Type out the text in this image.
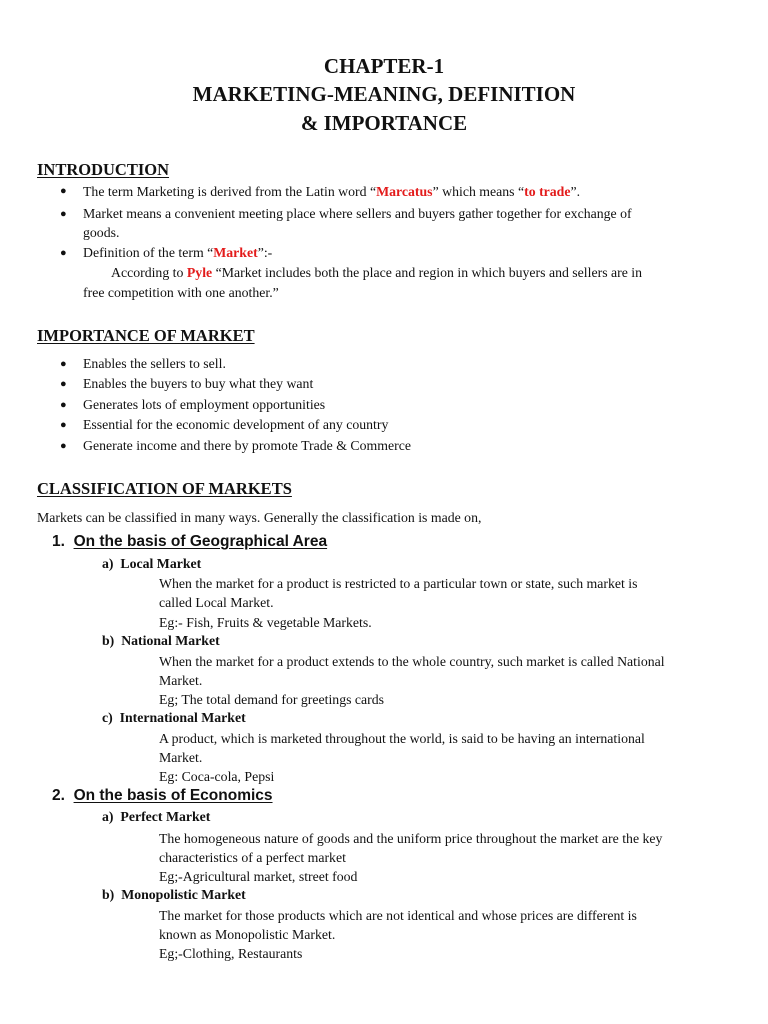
CHAPTER-1
MARKETING-MEANING, DEFINITION
& IMPORTANCE
INTRODUCTION
● The term Marketing is derived from the Latin word “Marcatus” which means “to trade”.
● Market means a convenient meeting place where sellers and buyers gather together for exchange of
goods.
● Definition of the term “Market”:-
According to Pyle “Market includes both the place and region in which buyers and sellers are in
free competition with one another.”
IMPORTANCE OF MARKET
● Enables the sellers to sell.
● Enables the buyers to buy what they want
● Generates lots of employment opportunities
● Essential for the economic development of any country
● Generate income and there by promote Trade & Commerce
CLASSIFICATION OF MARKETS
Markets can be classified in many ways. Generally the classification is made on,
1. On the basis of Geographical Area
a) Local Market
When the market for a product is restricted to a particular town or state, such market is
called Local Market.
Eg:- Fish, Fruits & vegetable Markets.
b) National Market
When the market for a product extends to the whole country, such market is called National
Market.
Eg; The total demand for greetings cards
c) International Market
A product, which is marketed throughout the world, is said to be having an international
Market.
Eg: Coca-cola, Pepsi
2. On the basis of Economics
a) Perfect Market
The homogeneous nature of goods and the uniform price throughout the market are the key
characteristics of a perfect market
Eg;-Agricultural market, street food
b) Monopolistic Market
The market for those products which are not identical and whose prices are different is
known as Monopolistic Market.
Eg;-Clothing, Restaurants
